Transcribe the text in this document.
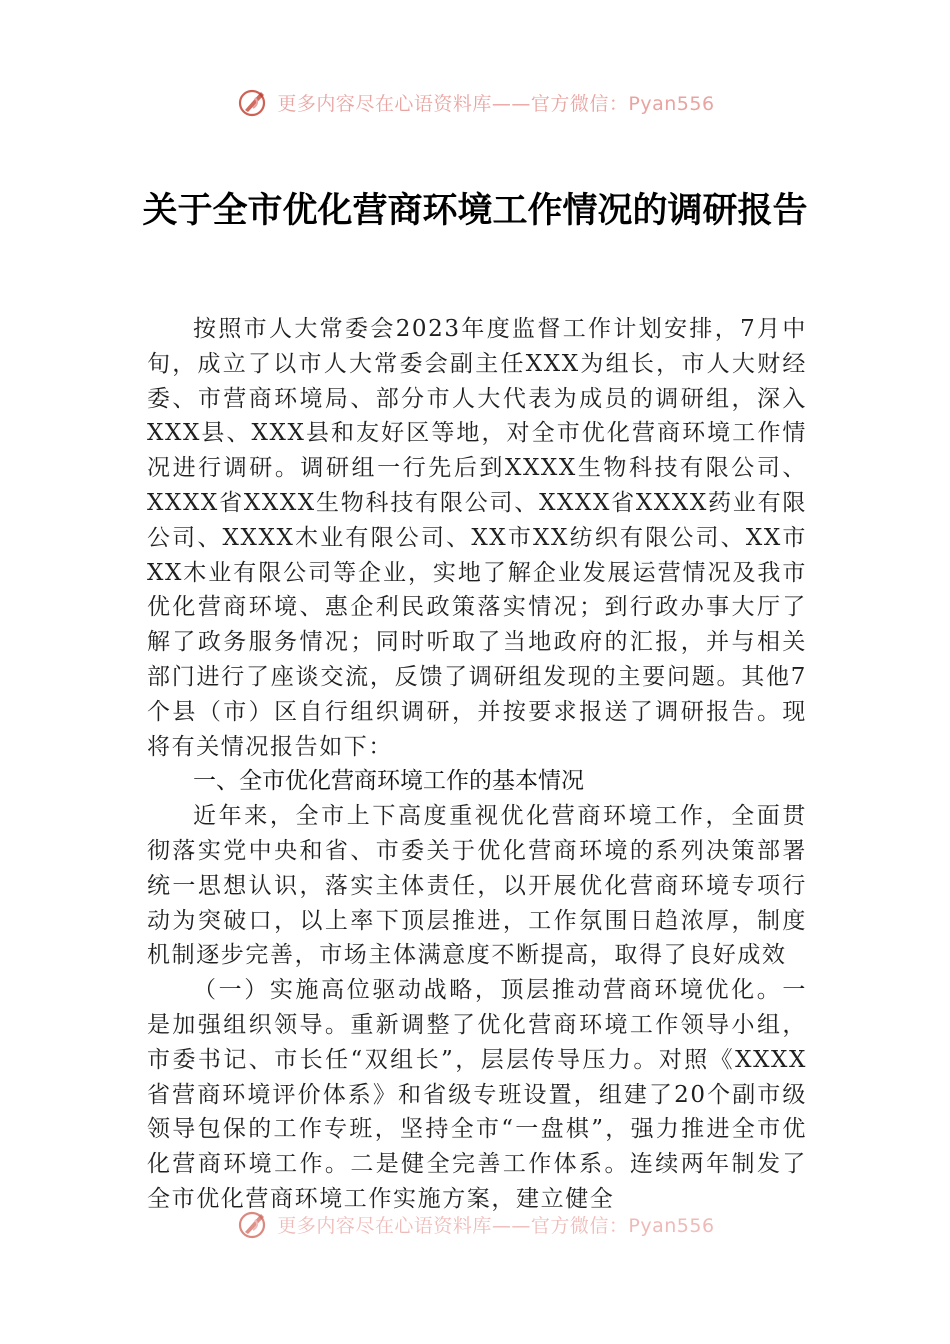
更多内容尽在心语资料库——官方微信：Pyan556
关于全市优化营商环境工作情况的调研报告

按照市人大常委会2023年度监督工作计划安排，7月中旬，成立了以市人大常委会副主任XXX为组长，市人大财经委、市营商环境局、部分市人大代表为成员的调研组，深入XXX县、XXX县和友好区等地，对全市优化营商环境工作情况进行调研。调研组一行先后到XXXX生物科技有限公司、XXXX省XXXX生物科技有限公司、XXXX省XXXX药业有限公司、XXXX木业有限公司、XX市XX纺织有限公司、XX市XX木业有限公司等企业，实地了解企业发展运营情况及我市优化营商环境、惠企利民政策落实情况；到行政办事大厅了解了政务服务情况；同时听取了当地政府的汇报，并与相关部门进行了座谈交流，反馈了调研组发现的主要问题。其他7个县（市）区自行组织调研，并按要求报送了调研报告。现将有关情况报告如下：

一、全市优化营商环境工作的基本情况

近年来，全市上下高度重视优化营商环境工作，全面贯彻落实党中央和省、市委关于优化营商环境的系列决策部署统一思想认识，落实主体责任，以开展优化营商环境专项行动为突破口，以上率下顶层推进，工作氛围日趋浓厚，制度机制逐步完善，市场主体满意度不断提高，取得了良好成效

（一）实施高位驱动战略，顶层推动营商环境优化。一是加强组织领导。重新调整了优化营商环境工作领导小组，市委书记、市长任“双组长”，层层传导压力。对照《XXXX省营商环境评价体系》和省级专班设置，组建了20个副市级领导包保的工作专班，坚持全市“一盘棋”，强力推进全市优化营商环境工作。二是健全完善工作体系。连续两年制发了全市优化营商环境工作实施方案，建立健全

更多内容尽在心语资料库——官方微信：Pyan556
